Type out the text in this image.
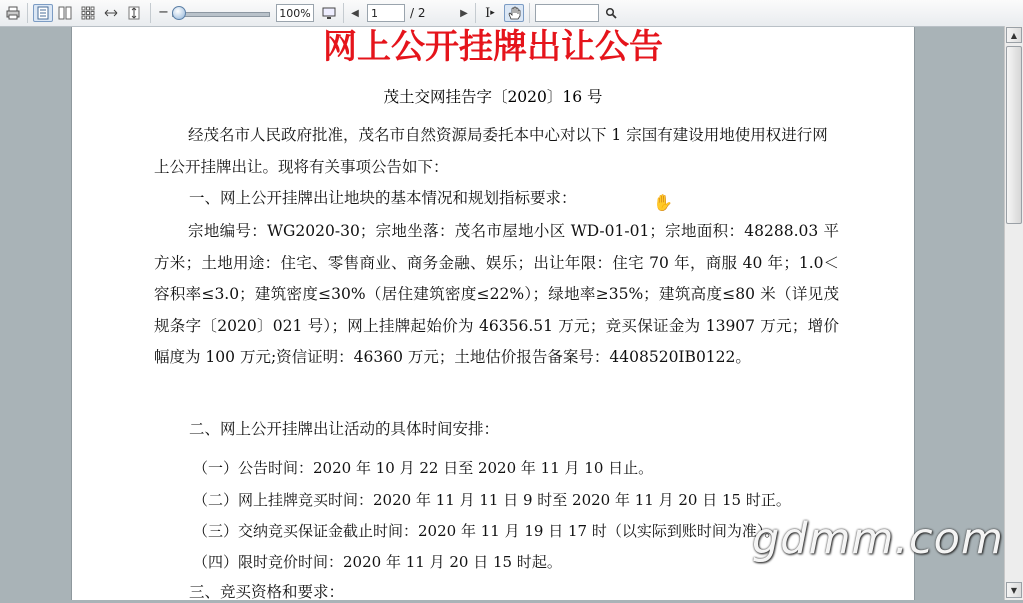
−	100%	◀	1	/ 2	▶	I ▸
网上公开挂牌出让公告
茂土交网挂告字〔2020〕16 号
经茂名市人民政府批准，茂名市自然资源局委托本中心对以下 1 宗国有建设用地使用权进行网上公开挂牌出让。现将有关事项公告如下：
一、网上公开挂牌出让地块的基本情况和规划指标要求：
宗地编号：WG2020-30；宗地坐落：茂名市屋地小区 WD-01-01；宗地面积：48288.03 平方米；土地用途：住宅、零售商业、商务金融、娱乐；出让年限：住宅 70 年，商服 40 年；1.0＜容积率≤3.0；建筑密度≤30%（居住建筑密度≤22%）；绿地率≥35%；建筑高度≤80 米（详见茂规条字〔2020〕021 号）；网上挂牌起始价为 46356.51 万元；竞买保证金为 13907 万元；增价幅度为 100 万元;资信证明：46360 万元；土地估价报告备案号：4408520IB0122。
二、网上公开挂牌出让活动的具体时间安排：
（一）公告时间：2020 年 10 月 22 日至 2020 年 11 月 10 日止。
（二）网上挂牌竞买时间：2020 年 11 月 11 日 9 时至 2020 年 11 月 20 日 15 时正。
（三）交纳竞买保证金截止时间：2020 年 11 月 19 日 17 时（以实际到账时间为准）。
（四）限时竞价时间：2020 年 11 月 20 日 15 时起。
三、竞买资格和要求：
✋
gdmm.com
▲
▼
